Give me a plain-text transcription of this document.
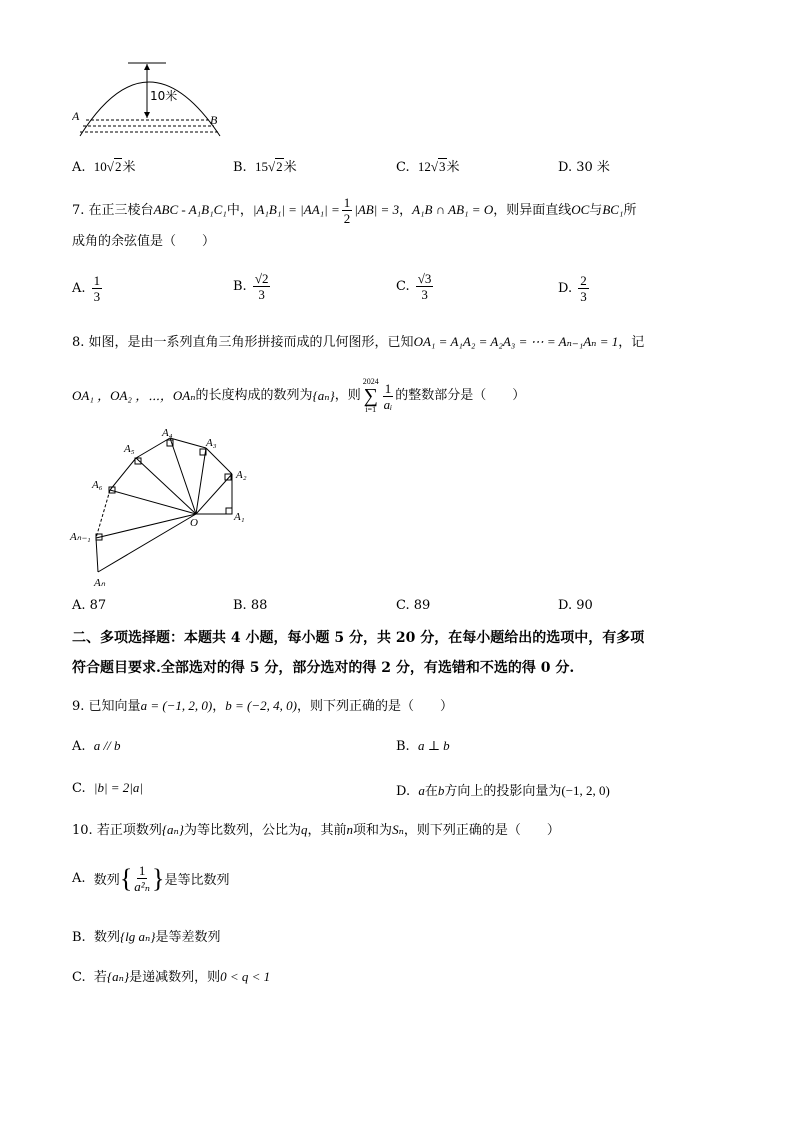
A	B
10米
A. 10√2米	B. 15√2米	C. 12√3米	D. 30 米
7. 在正三棱台ABC - A₁B₁C₁中，$|A_1B_1| = |AA_1| = \frac{1}{2} |AB| = 3$，A₁B ∩ AB₁ = O，则异面直线OC与BC₁所
成角的余弦值是（　　）
A. $\frac{1}{3}$	B. $\frac{√2}{3}$	C. $\frac{√3}{3}$	D. $\frac{2}{3}$
8. 如图，是由一系列直角三角形拼接而成的几何图形，已知OA₁ = A₁A₂ = A₂A₃ = ⋯ = Aₙ₋₁Aₙ = 1，记
OA₁ ，OA₂ ，⋯，OAₙ 的长度构成的数列为 {aₙ} ，则
2024
∑
$i=1 \frac{1}{\text{aᵢ}}$ 的整数部分是（　　）
A₁
A₂
A₃
A₄
A₅
A₆
Aₙ₋₁
Aₙ
O
A. 87	B. 88	C. 89	D. 90
二、多项选择题：本题共 4 小题，每小题 5 分，共 20 分，在每小题给出的选项中，有多项
符合题目要求.全部选对的得 5 分，部分选对的得 2 分，有选错和不选的得 0 分.
9. 已知向量a = (−1, 2, 0)，b = (−2, 4, 0)，则下列正确的是（　　）
A. a // b	B. a ⊥ b
C. |b| = 2|a|	D. a在b方向上的投影向量为(−1, 2, 0)
10. 若正项数列{aₙ}为等比数列，公比为q，其前n项和为Sₙ，则下列正确的是（　　）
A.
数列 { $\frac{1}{\text{a²ₙ}}$ } 是等比数列
B. 数列{lg aₙ}是等差数列
C. 若{aₙ}是递减数列，则0 < q < 1
